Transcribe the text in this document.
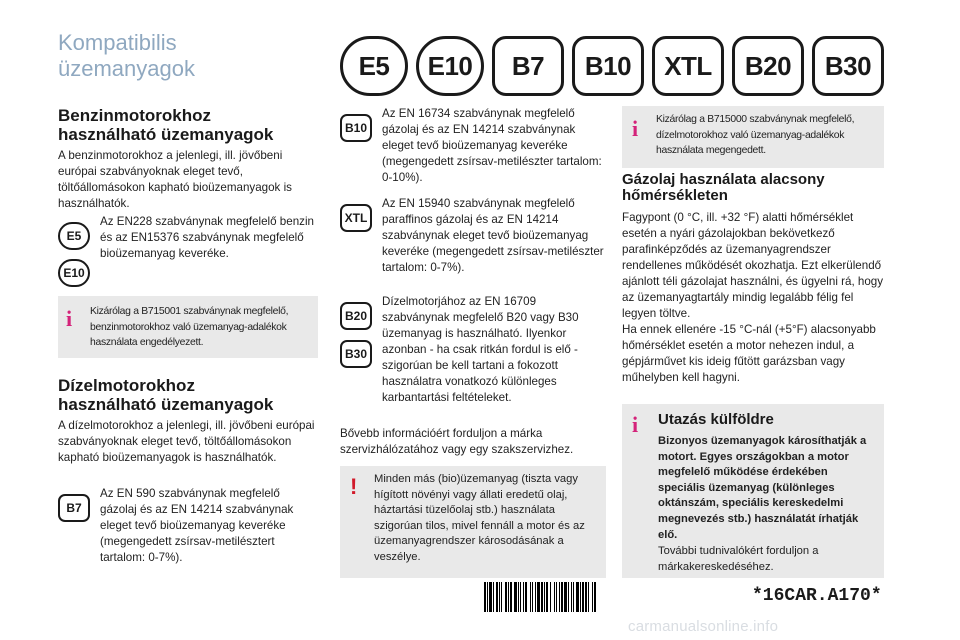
Kompatibilis
üzemanyagok	E5	E10	B7	B10	XTL	B20	B30
Benzinmotorokhoz
használható üzemanyagok

A benzinmotorokhoz a jelenlegi, ill. jövőbeni európai szabványoknak eleget tevő, töltőállomásokon kapható bioüzemanyagok is használhatók.

E5
E10

Az EN228 szabványnak megfelelő benzin és az EN15376 szabványnak megfelelő bioüzemanyag keveréke.

i Kizárólag a B715001 szabványnak megfelelő, benzinmotorokhoz való üzemanyag-adalékok használata engedélyezett.

Dízelmotorokhoz
használható üzemanyagok

A dízelmotorokhoz a jelenlegi, ill. jövőbeni európai szabványoknak eleget tevő, töltőállomásokon kapható bioüzemanyagok is használhatók.

B7

Az EN 590 szabványnak megfelelő gázolaj és az EN 14214 szabványnak eleget tevő bioüzemanyag keveréke (megengedett zsírsav-metilésztert tartalom: 0-7%).

B10

Az EN 16734 szabványnak megfelelő gázolaj és az EN 14214 szabványnak eleget tevő bioüzemanyag keveréke (megengedett zsírsav-metilészter tartalom: 0-10%).

XTL

Az EN 15940 szabványnak megfelelő paraffinos gázolaj és az EN 14214 szabványnak eleget tevő bioüzemanyag keveréke (megengedett zsírsav-metilészter tartalom: 0-7%).

B20
B30

Dízelmotorjához az EN 16709 szabványnak megfelelő B20 vagy B30 üzemanyag is használható. Ilyenkor azonban - ha csak ritkán fordul is elő - szigorúan be kell tartani a fokozott használatra vonatkozó különleges karbantartási feltételeket.

Bővebb információért forduljon a márka szervizhálózatához vagy egy szakszervizhez.

! Minden más (bio)üzemanyag (tiszta vagy hígított növényi vagy állati eredetű olaj, háztartási tüzelőolaj stb.) használata szigorúan tilos, mivel fennáll a motor és az üzemanyagrendszer károsodásának a veszélye.

i Kizárólag a B715000 szabványnak megfelelő, dízelmotorokhoz való üzemanyag-adalékok használata megengedett.

Gázolaj használata alacsony
hőmérsékleten

Fagypont (0 °C, ill. +32 °F) alatti hőmérséklet esetén a nyári gázolajokban bekövetkező parafinképződés az üzemanyagrendszer rendellenes működését okozhatja. Ezt elkerülendő ajánlott téli gázolajat használni, és ügyelni rá, hogy az üzemanyagtartály mindig legalább félig fel legyen töltve.

Ha ennek ellenére -15 °C-nál (+5°F) alacsonyabb hőmérséklet esetén a motor nehezen indul, a gépjárművet kis ideig fűtött garázsban vagy műhelyben kell hagyni.

i Utazás külföldre

Bizonyos üzemanyagok károsíthatják a motort. Egyes országokban a motor megfelelő működése érdekében speciális üzemanyag (különleges oktánszám, speciális kereskedelmi megnevezés stb.) használatát írhatják elő.

További tudnivalókért forduljon a márkakereskedéséhez.

*16CAR.A170*
carmanualsonline.info
